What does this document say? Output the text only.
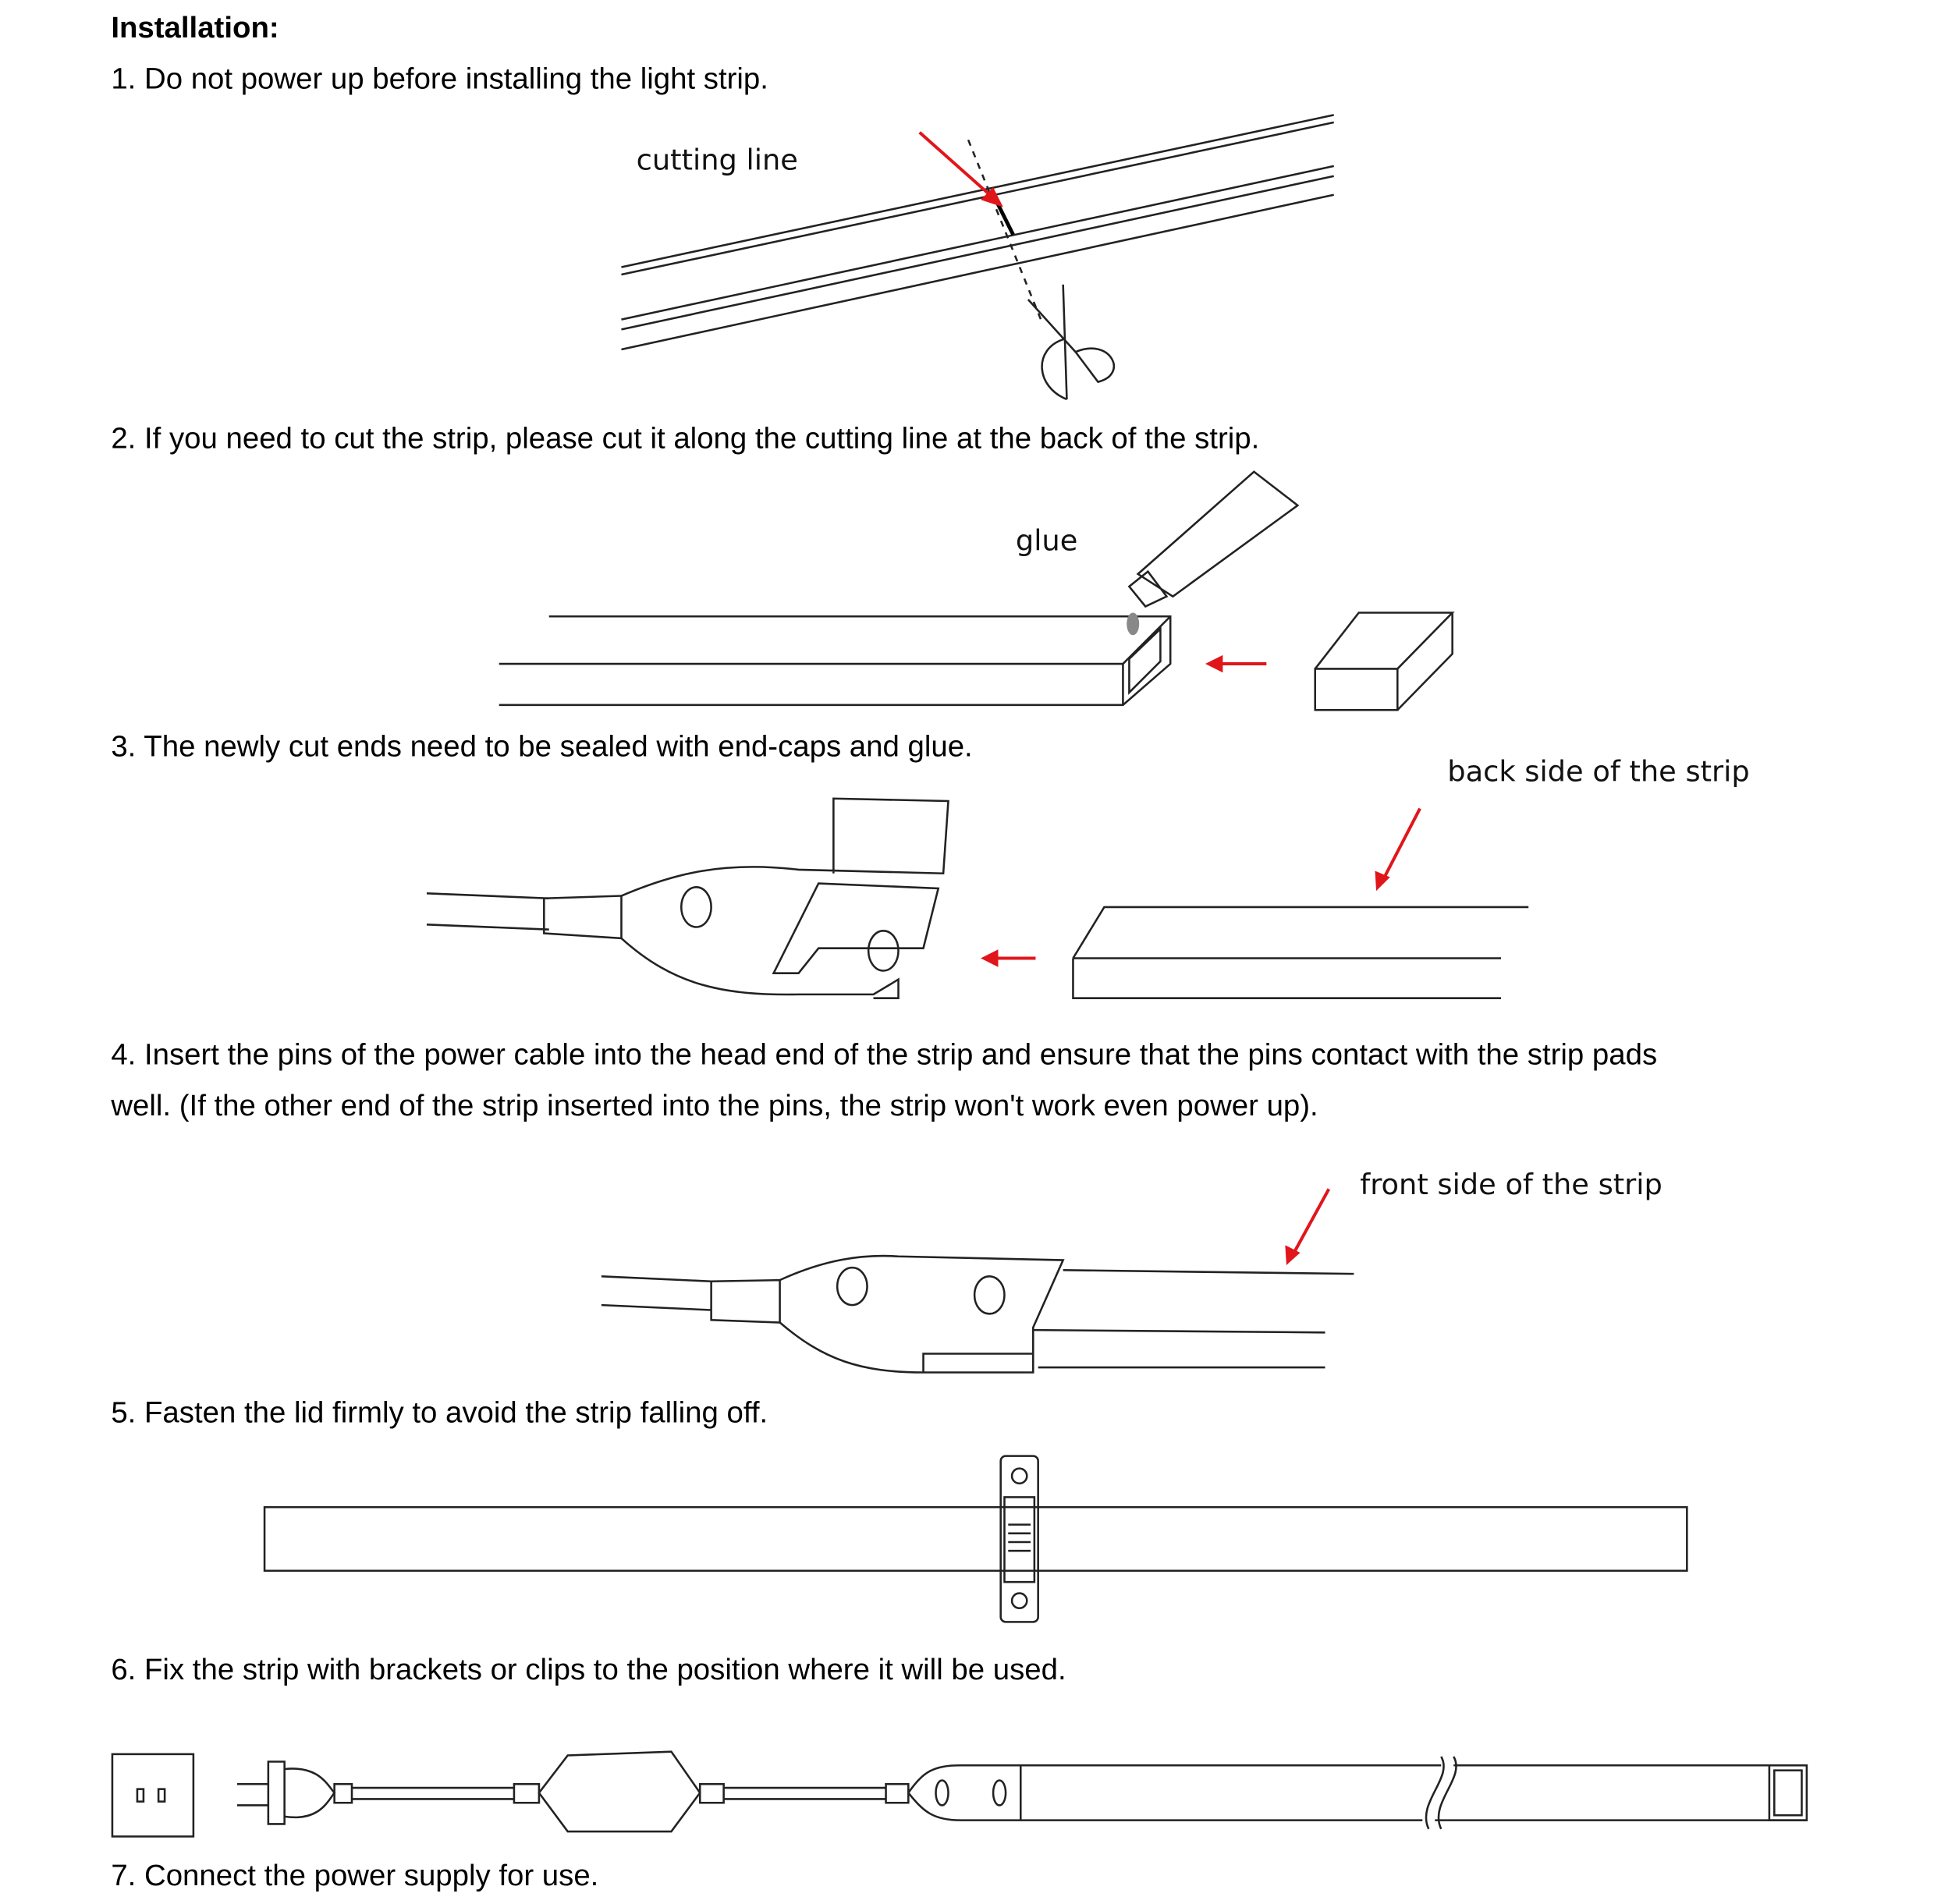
Installation:
1. Do not power up before installing the light strip.
cutting line
2. If you need to cut the strip, please cut it along the cutting line at the back of the strip.
glue
3. The newly cut ends need to be sealed with end-caps and glue.
back side of the strip
4. Insert the pins of the power cable into the head end of the strip and ensure that the pins contact with the strip pads
well. (If the other end of the strip inserted into the pins, the strip won't work even power up).
front side of the strip
5. Fasten the lid firmly to avoid the strip falling off.
6. Fix the strip with brackets or clips to the position where it will be used.
7. Connect the power supply for use.
